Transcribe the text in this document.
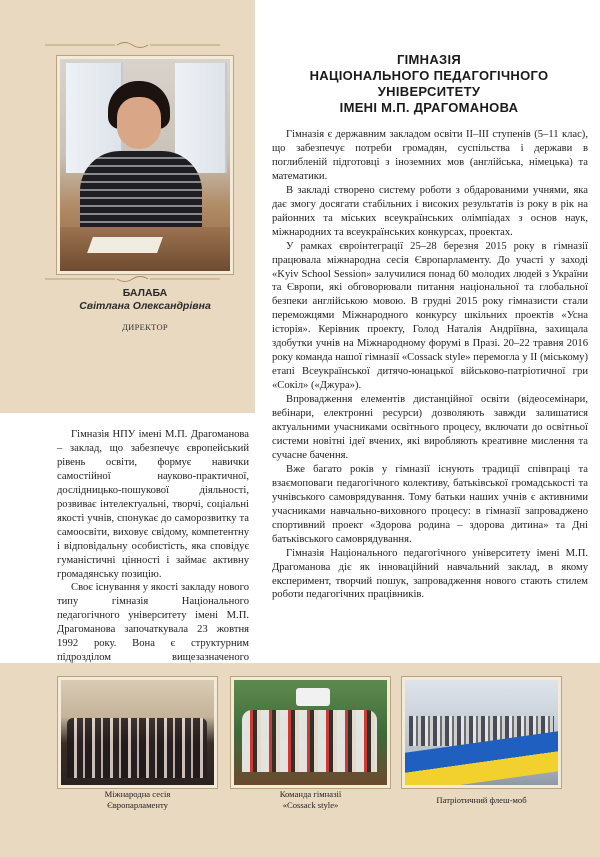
БАЛАБА
Світлана Олександрівна
ДИРЕКТОР
ГІМНАЗІЯ
НАЦІОНАЛЬНОГО ПЕДАГОГІЧНОГО
УНІВЕРСИТЕТУ
ІМЕНІ М.П. ДРАГОМАНОВА

Гімназія є державним закладом освіти ІІ–ІІІ ступенів (5–11 клас), що забезпечує потреби громадян, суспільства і держави в поглибленій підготовці з іноземних мов (англійська, німецька) та математики.

В закладі створено систему роботи з обдарованими учнями, яка дає змогу досягати стабільних і високих результатів із року в рік на районних та міських всеукраїнських олімпіадах з основ наук, міжнародних та всеукраїнських конкурсах, проектах.

У рамках євроінтеграції 25–28 березня 2015 року в гімназії працювала міжнародна сесія Європарламенту. До участі у заході «Kyiv School Session» залучилися понад 60 молодих людей з України та Європи, які обговорювали питання національної та глобальної безпеки англійською мовою. В грудні 2015 року гімназисти стали переможцями Міжнародного конкурсу шкільних проектів «Усна історія». Керівник проекту, Голод Наталія Андріївна, захищала здобутки учнів на Міжнародному форумі в Празі. 20–22 травня 2016 року команда нашої гімназії «Cossack style» перемогла у ІІ (міському) етапі Всеукраїнської дитячо-юнацької військово-патріотичної гри «Сокіл» («Джура»).

Впровадження елементів дистанційної освіти (відеосемінари, вебінари, електронні ресурси) дозволяють завжди залишатися актуальними учасниками освітнього процесу, включати до освітньої системи новітні ідеї вчених, які виробляють креативне мислення та сучасне бачення.

Вже багато років у гімназії існують традиції співпраці та взаємоповаги педагогічного колективу, батьківської громадськості та учнівського самоврядування. Тому батьки наших учнів є активними учасниками навчально-виховного процесу: в гімназії запроваджено спортивний проект «Здорова родина – здорова дитина» та Дні батьківського самоврядування.

Гімназія Національного педагогічного університету імені М.П. Драгоманова діє як інноваційний навчальний заклад, в якому експеримент, творчий пошук, запровадження нового стають стилем роботи педагогічних працівників.

Гімназія НПУ імені М.П. Драгоманова – заклад, що забезпечує європейський рівень освіти, формує навички самостійної науково-практичної, дослідницько-пошукової діяльності, розвиває інтелектуальні, творчі, соціальні якості учнів, спонукає до саморозвитку та самоосвіти, виховує свідому, компетентну і відповідальну особистість, яка сповідує гуманістичні цінності і займає активну громадянську позицію.

Своє існування у якості закладу нового типу гімназія Національного педагогічного університету імені М.П. Драгоманова започаткувала 23 жовтня 1992 року. Вона є структурним підрозділом вищезазначеного

Міжнародна сесія
Європарламенту
Команда гімназії
«Cossack style»	Патріотичний флеш-моб
